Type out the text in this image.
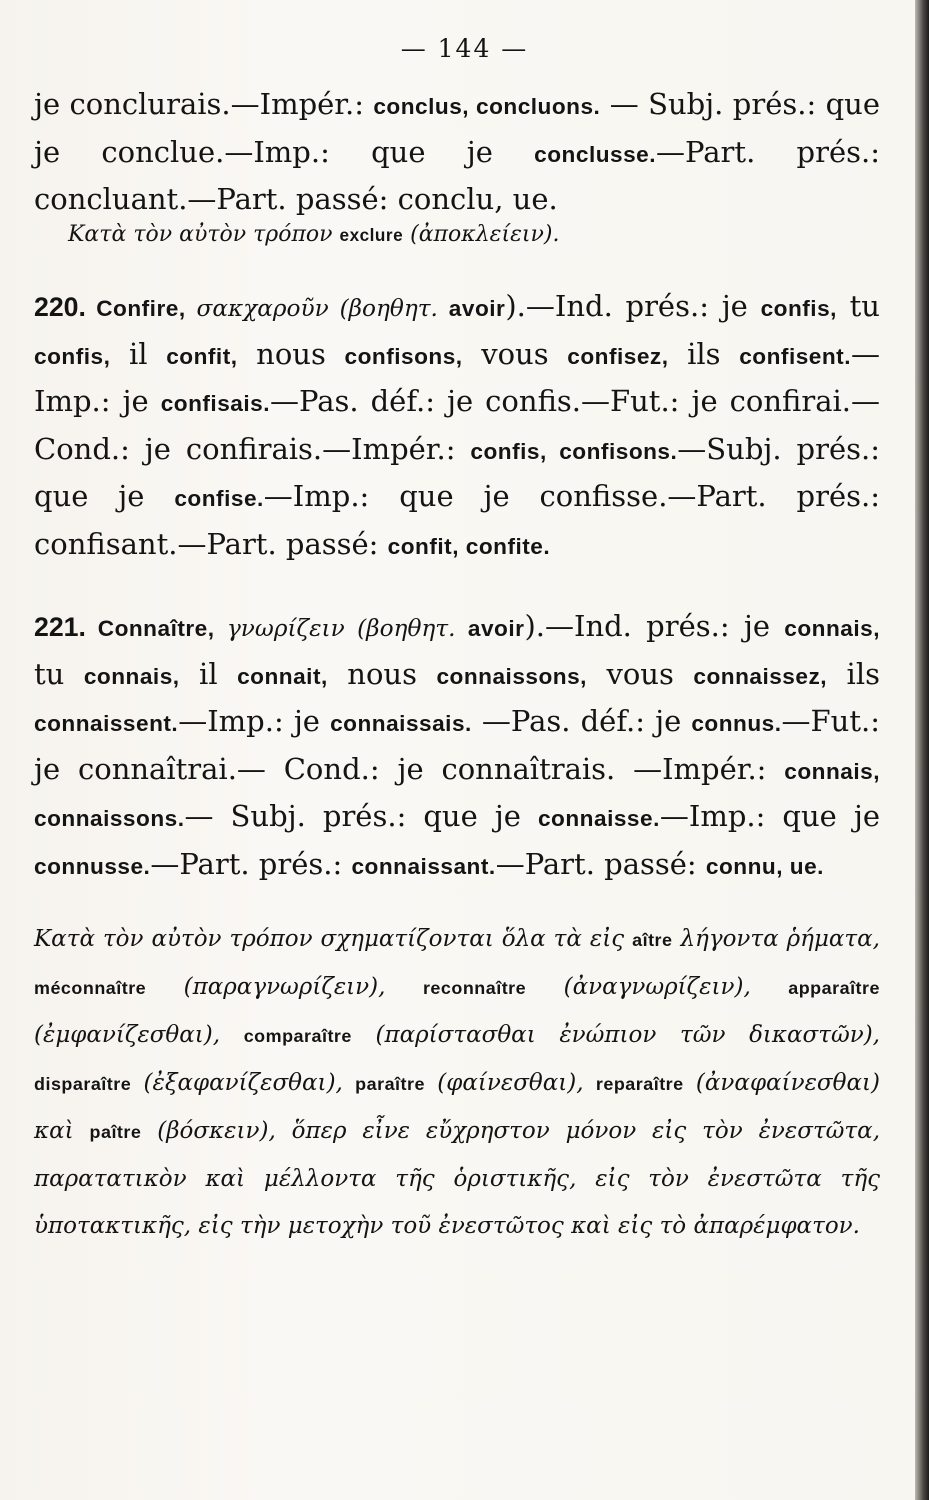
— 144 —
je conclurais.—Impér.: conclus, concluons. — Subj. prés.: que je conclue.—Imp.: que je conclusse.—Part. prés.: concluant.—Part. passé: conclu, ue.
Κατὰ τὸν αὐτὸν τρόπον exclure (ἀποκλείειν).
220. Confire, σακχαροῦν (βοηθητ. avoir).—Ind. prés.: je confis, tu confis, il confit, nous confisons, vous confisez, ils confisent.—Imp.: je confisais.—Pas. déf.: je confis.—Fut.: je confirai.—Cond.: je confirais.—Impér.: confis, confisons.—Subj. prés.: que je confise.—Imp.: que je confisse.—Part. prés.: confisant.—Part. passé: confit, confite.
221. Connaître, γνωρίζειν (βοηθητ. avoir).—Ind. prés.: je connais, tu connais, il connait, nous connaissons, vous connaissez, ils connaissent.—Imp.: je connaissais. —Pas. déf.: je connus.—Fut.: je connaîtrai.— Cond.: je connaîtrais. —Impér.: connais, connaissons.— Subj. prés.: que je connaisse.—Imp.: que je connusse.—Part. prés.: connaissant.—Part. passé: connu, ue.
Κατὰ τὸν αὐτὸν τρόπον σχηματίζονται ὅλα τὰ εἰς aître λήγοντα ῥήματα, méconnaître (παραγνωρίζειν), reconnaître (ἀναγνωρίζειν), apparaître (ἐμφανίζεσθαι), comparaître (παρίστασθαι ἐνώπιον τῶν δικαστῶν), disparaître (ἐξαφανίζεσθαι), paraître (φαίνεσθαι), reparaître (ἀναφαίνεσθαι) καὶ paître (βόσκειν), ὅπερ εἶνε εὔχρηστον μόνον εἰς τὸν ἐνεστῶτα, παρατατικὸν καὶ μέλλοντα τῆς ὁριστικῆς, εἰς τὸν ἐνεστῶτα τῆς ὑποτακτικῆς, εἰς τὴν μετοχὴν τοῦ ἐνεστῶτος καὶ εἰς τὸ ἀπαρέμφατον.
